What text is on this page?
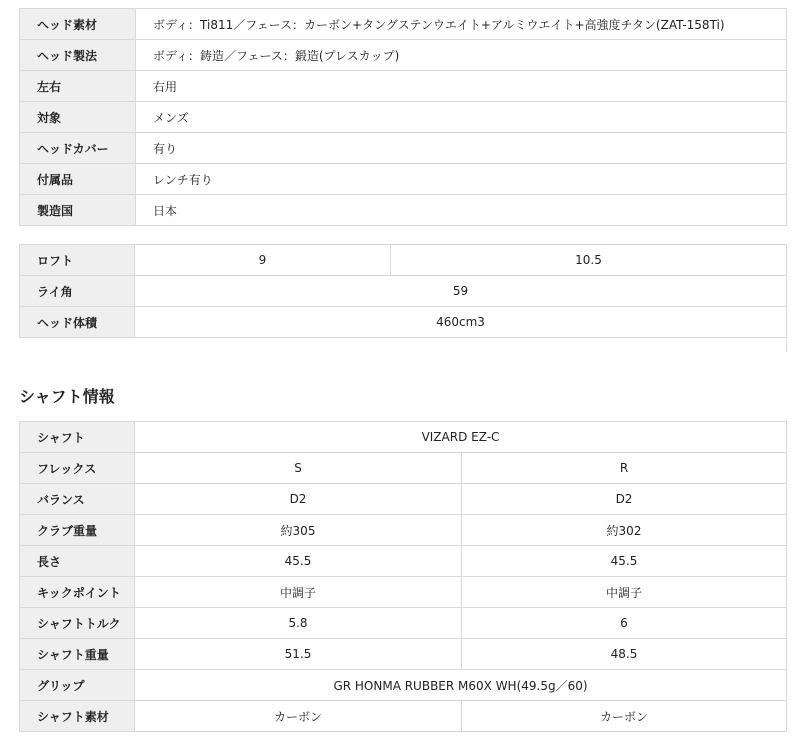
ヘッド素材	ボディ：Ti811／フェース：カーボン+タングステンウエイト+アルミウエイト+高強度チタン(ZAT-158Ti)
ヘッド製法	ボディ：鋳造／フェース：鍛造(プレスカップ)
左右	右用
対象	メンズ
ヘッドカバー	有り
付属品	レンチ有り
製造国	日本
ロフト	9	10.5
ライ角	59	
ヘッド体積	460cm3	
シャフト情報
シャフト	VIZARD EZ-C	
フレックス	S	R
バランス	D2	D2
クラブ重量	約305	約302
長さ	45.5	45.5
キックポイント	中調子	中調子
シャフトトルク	5.8	6
シャフト重量	51.5	48.5
グリップ	GR HONMA RUBBER M60X WH(49.5g／60)	
シャフト素材	カーボン	カーボン
